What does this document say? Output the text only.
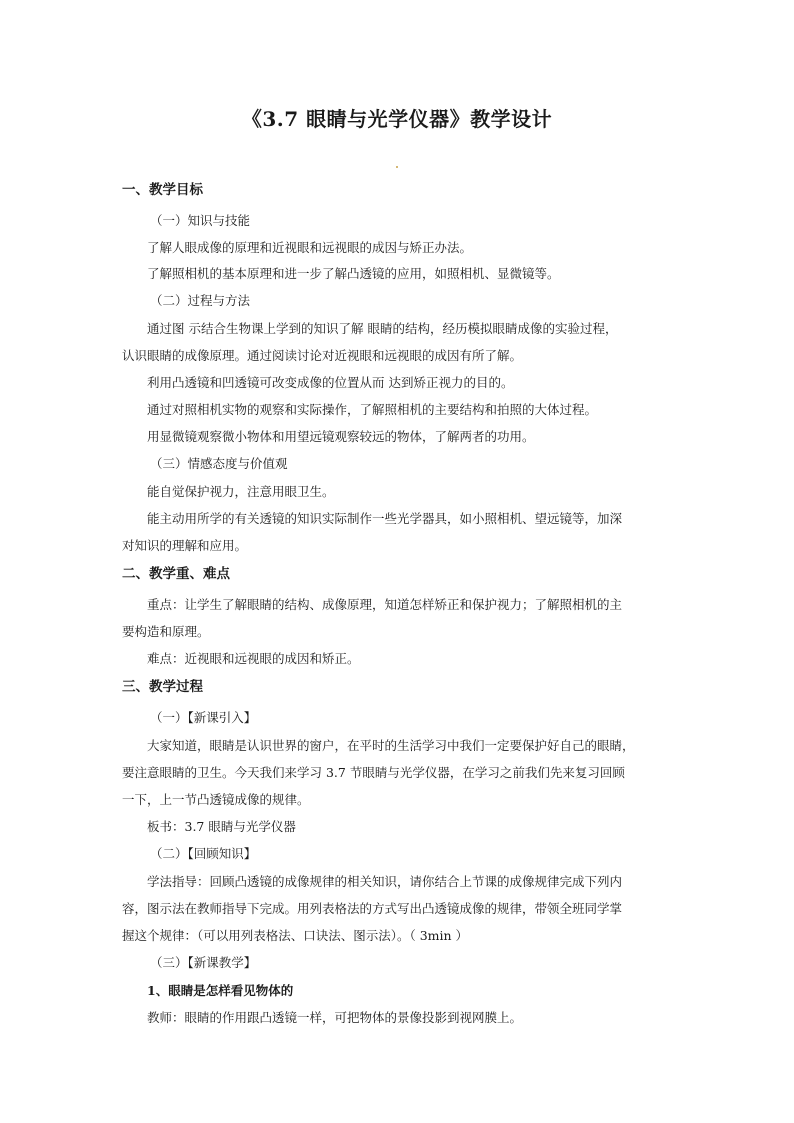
《3.7 眼睛与光学仪器》教学设计
一、教学目标
（一）知识与技能
了解人眼成像的原理和近视眼和远视眼的成因与矫正办法。
了解照相机的基本原理和进一步了解凸透镜的应用，如照相机、显微镜等。
（二）过程与方法
通过图 示结合生物课上学到的知识了解 眼睛的结构，经历模拟眼睛成像的实验过程，
认识眼睛的成像原理。通过阅读讨论对近视眼和远视眼的成因有所了解。
利用凸透镜和凹透镜可改变成像的位置从而 达到矫正视力的目的。
通过对照相机实物的观察和实际操作，了解照相机的主要结构和拍照的大体过程。
用显微镜观察微小物体和用望远镜观察较远的物体，了解两者的功用。
（三）情感态度与价值观
能自觉保护视力，注意用眼卫生。
能主动用所学的有关透镜的知识实际制作一些光学器具，如小照相机、望远镜等，加深
对知识的理解和应用。
二、教学重、难点
重点：让学生了解眼睛的结构、成像原理，知道怎样矫正和保护视力；了解照相机的主
要构造和原理。
难点：近视眼和远视眼的成因和矫正。
三、教学过程
（一）【新课引入】
大家知道，眼睛是认识世界的窗户，在平时的生活学习中我们一定要保护好自己的眼睛，
要注意眼睛的卫生。今天我们来学习 3.7 节眼睛与光学仪器，在学习之前我们先来复习回顾
一下，上一节凸透镜成像的规律。
板书：3.7 眼睛与光学仪器
（二）【回顾知识】
学法指导：回顾凸透镜的成像规律的相关知识，请你结合上节课的成像规律完成下列内
容，图示法在教师指导下完成。用列表格法的方式写出凸透镜成像的规律，带领全班同学掌
握这个规律：（可以用列表格法、口诀法、图示法）。（ 3min ）
（三）【新课教学】
1、眼睛是怎样看见物体的
教师：眼睛的作用跟凸透镜一样，可把物体的景像投影到视网膜上。
